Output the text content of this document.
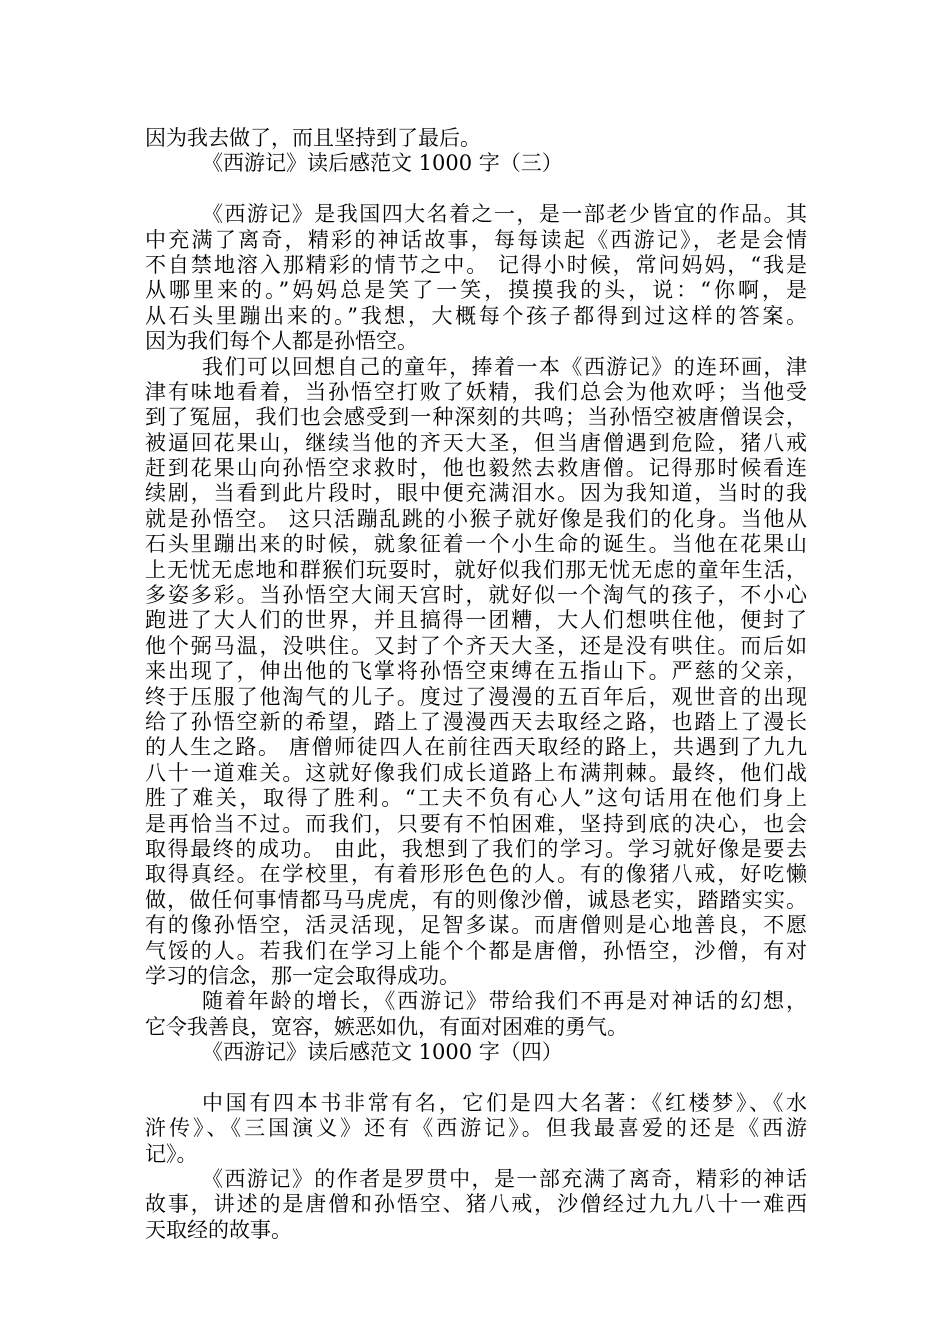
因为我去做了，而且坚持到了最后。
《西游记》读后感范文 1000 字（三）
《西游记》是我国四大名着之一，是一部老少皆宜的作品。其
中充满了离奇，精彩的神话故事，每每读起《西游记》，老是会情
不自禁地溶入那精彩的情节之中。 记得小时候，常问妈妈，“我是
从哪里来的。”妈妈总是笑了一笑，摸摸我的头，说：“你啊，是
从石头里蹦出来的。”我想，大概每个孩子都得到过这样的答案。
因为我们每个人都是孙悟空。
我们可以回想自己的童年，捧着一本《西游记》的连环画，津
津有味地看着，当孙悟空打败了妖精，我们总会为他欢呼；当他受
到了冤屈，我们也会感受到一种深刻的共鸣；当孙悟空被唐僧误会，
被逼回花果山，继续当他的齐天大圣，但当唐僧遇到危险，猪八戒
赶到花果山向孙悟空求救时，他也毅然去救唐僧。记得那时候看连
续剧，当看到此片段时，眼中便充满泪水。因为我知道，当时的我
就是孙悟空。 这只活蹦乱跳的小猴子就好像是我们的化身。当他从
石头里蹦出来的时候，就象征着一个小生命的诞生。当他在花果山
上无忧无虑地和群猴们玩耍时，就好似我们那无忧无虑的童年生活，
多姿多彩。当孙悟空大闹天宫时，就好似一个淘气的孩子，不小心
跑进了大人们的世界，并且搞得一团糟，大人们想哄住他，便封了
他个弼马温，没哄住。又封了个齐天大圣，还是没有哄住。而后如
来出现了，伸出他的飞掌将孙悟空束缚在五指山下。严慈的父亲，
终于压服了他淘气的儿子。度过了漫漫的五百年后，观世音的出现
给了孙悟空新的希望，踏上了漫漫西天去取经之路，也踏上了漫长
的人生之路。 唐僧师徒四人在前往西天取经的路上，共遇到了九九
八十一道难关。这就好像我们成长道路上布满荆棘。最终，他们战
胜了难关，取得了胜利。“工夫不负有心人”这句话用在他们身上
是再恰当不过。而我们，只要有不怕困难，坚持到底的决心，也会
取得最终的成功。 由此，我想到了我们的学习。学习就好像是要去
取得真经。在学校里，有着形形色色的人。有的像猪八戒，好吃懒
做，做任何事情都马马虎虎，有的则像沙僧，诚恳老实，踏踏实实。
有的像孙悟空，活灵活现，足智多谋。而唐僧则是心地善良，不愿
气馁的人。若我们在学习上能个个都是唐僧，孙悟空，沙僧，有对
学习的信念，那一定会取得成功。
随着年龄的增长，《西游记》带给我们不再是对神话的幻想，
它令我善良，宽容，嫉恶如仇，有面对困难的勇气。
《西游记》读后感范文 1000 字（四）
中国有四本书非常有名，它们是四大名著：《红楼梦》、《水
浒传》、《三国演义》还有《西游记》。但我最喜爱的还是《西游
记》。
《西游记》的作者是罗贯中，是一部充满了离奇，精彩的神话
故事，讲述的是唐僧和孙悟空、猪八戒，沙僧经过九九八十一难西
天取经的故事。
